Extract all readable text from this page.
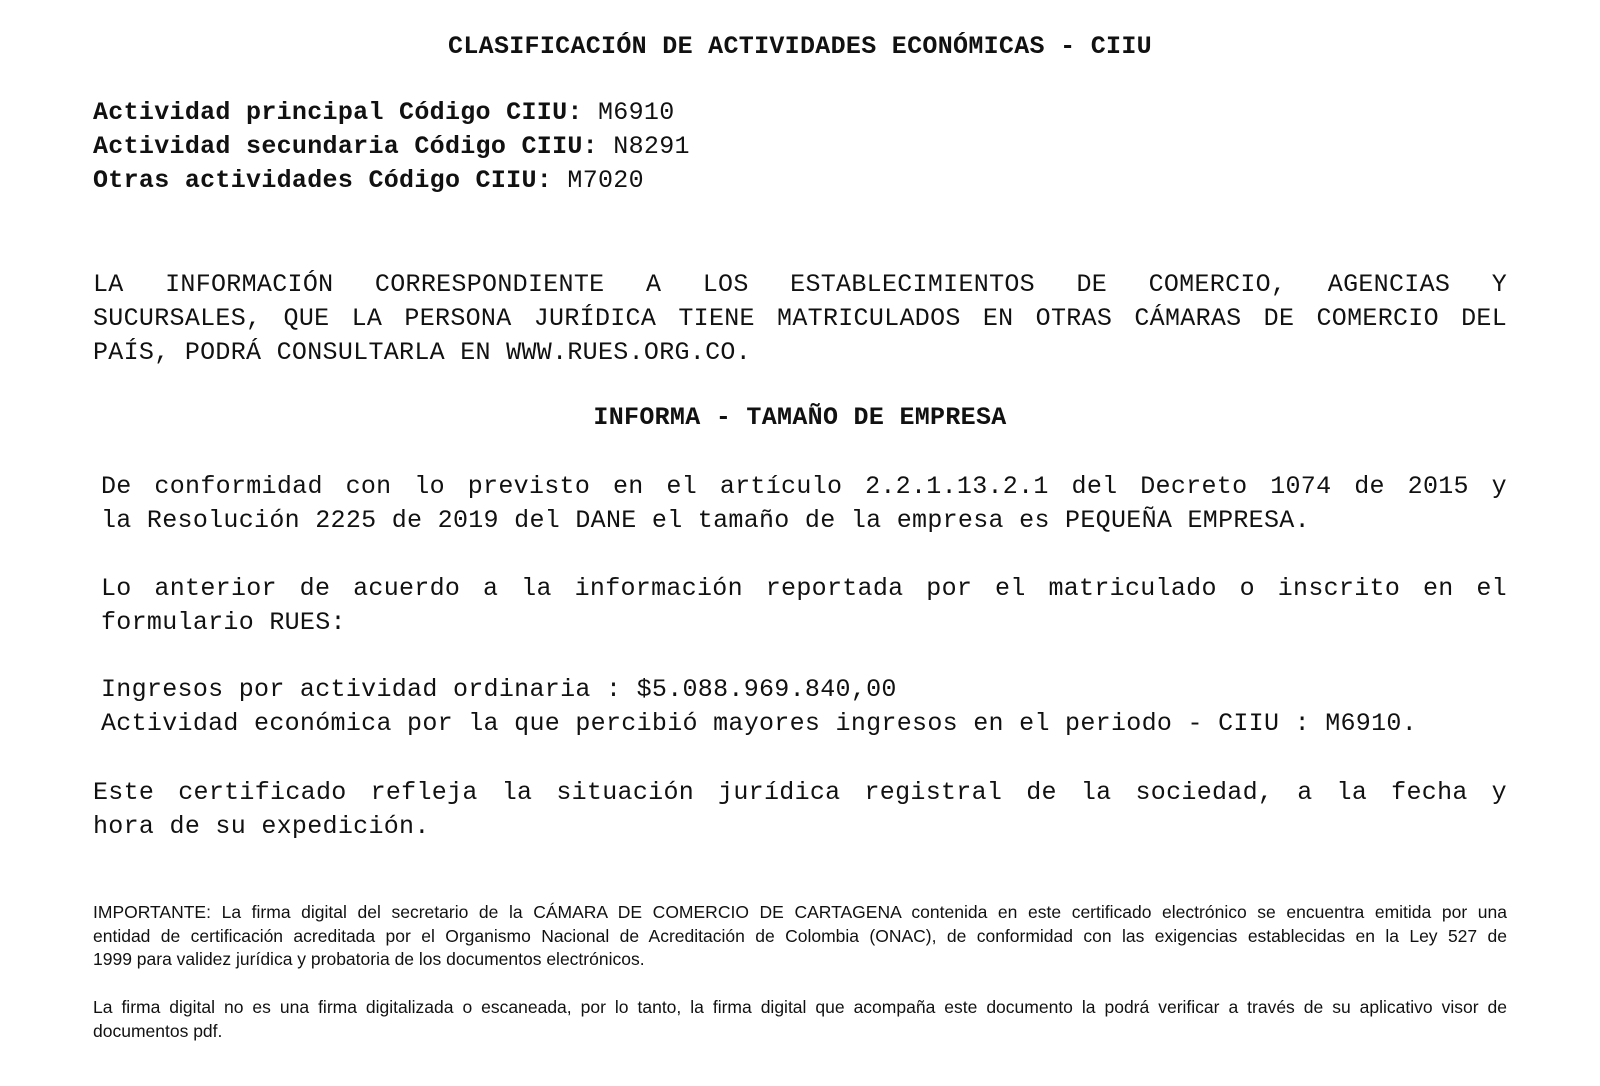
CLASIFICACIÓN DE ACTIVIDADES ECONÓMICAS - CIIU
Actividad principal Código CIIU: M6910
Actividad secundaria Código CIIU: N8291
Otras actividades Código CIIU: M7020
LA INFORMACIÓN CORRESPONDIENTE A LOS ESTABLECIMIENTOS DE COMERCIO, AGENCIAS Y
SUCURSALES, QUE LA PERSONA JURÍDICA TIENE MATRICULADOS EN OTRAS CÁMARAS DE COMERCIO DEL
PAÍS, PODRÁ CONSULTARLA EN WWW.RUES.ORG.CO.
INFORMA - TAMAÑO DE EMPRESA
De conformidad con lo previsto en el artículo 2.2.1.13.2.1 del Decreto 1074 de 2015 y
la Resolución 2225 de 2019 del DANE el tamaño de la empresa es PEQUEÑA EMPRESA.
Lo anterior de acuerdo a la información reportada por el matriculado o inscrito en el
formulario RUES:
Ingresos por actividad ordinaria : $5.088.969.840,00
Actividad económica por la que percibió mayores ingresos en el periodo - CIIU : M6910.
Este certificado refleja la situación jurídica registral de la sociedad, a la fecha y
hora de su expedición.
IMPORTANTE: La firma digital del secretario de la CÁMARA DE COMERCIO DE CARTAGENA contenida en este certificado electrónico se encuentra emitida por una
entidad de certificación acreditada por el Organismo Nacional de Acreditación de Colombia (ONAC), de conformidad con las exigencias establecidas en la Ley 527 de
1999 para validez jurídica y probatoria de los documentos electrónicos.
La firma digital no es una firma digitalizada o escaneada, por lo tanto, la firma digital que acompaña este documento la podrá verificar a través de su aplicativo visor de
documentos pdf.
